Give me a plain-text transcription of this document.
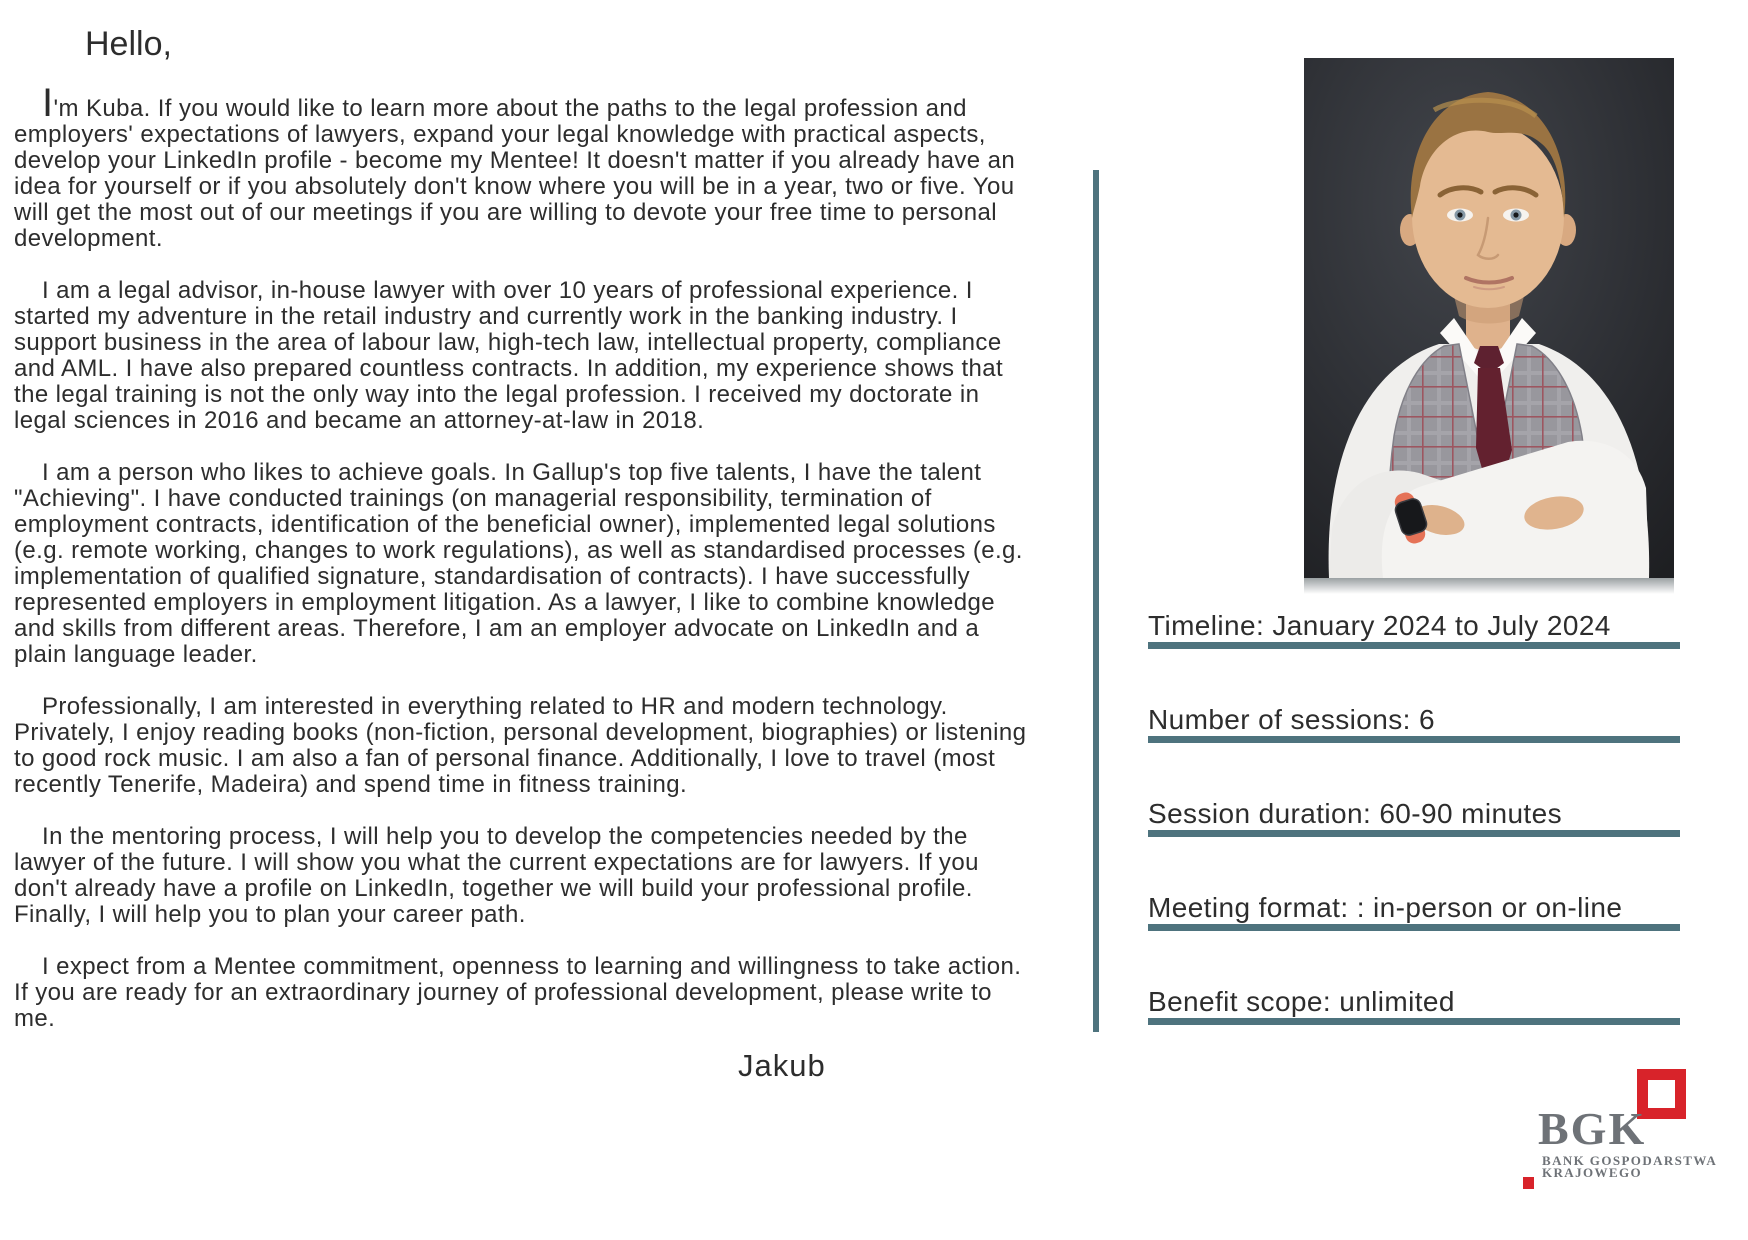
Hello,

I'm Kuba. If you would like to learn more about the paths to the legal profession and employers' expectations of lawyers, expand your legal knowledge with practical aspects, develop your LinkedIn profile - become my Mentee! It doesn't matter if you already have an idea for yourself or if you absolutely don't know where you will be in a year, two or five. You will get the most out of our meetings if you are willing to devote your free time to personal development.

I am a legal advisor, in-house lawyer with over 10 years of professional experience. I started my adventure in the retail industry and currently work in the banking industry. I support business in the area of labour law, high-tech law, intellectual property, compliance and AML. I have also prepared countless contracts. In addition, my experience shows that the legal training is not the only way into the legal profession. I received my doctorate in legal sciences in 2016 and became an attorney-at-law in 2018.

I am a person who likes to achieve goals. In Gallup's top five talents, I have the talent "Achieving". I have conducted trainings (on managerial responsibility, termination of employment contracts, identification of the beneficial owner), implemented legal solutions (e.g. remote working, changes to work regulations), as well as standardised processes (e.g. implementation of qualified signature, standardisation of contracts). I have successfully represented employers in employment litigation. As a lawyer, I like to combine knowledge and skills from different areas. Therefore, I am an employer advocate on LinkedIn and a plain language leader.

Professionally, I am interested in everything related to HR and modern technology. Privately, I enjoy reading books (non-fiction, personal development, biographies) or listening to good rock music. I am also a fan of personal finance. Additionally, I love to travel (most recently Tenerife, Madeira) and spend time in fitness training.

In the mentoring process, I will help you to develop the competencies needed by the lawyer of the future. I will show you what the current expectations are for lawyers. If you don't already have a profile on LinkedIn, together we will build your professional profile. Finally, I will help you to plan your career path.

I expect from a Mentee commitment, openness to learning and willingness to take action. If you are ready for an extraordinary journey of professional development, please write to me.

Jakub
Timeline: January 2024 to July 2024
Number of sessions: 6
Session duration: 60-90 minutes
Meeting format: : in-person or on-line
Benefit scope: unlimited
BGK
BANK GOSPODARSTWA
KRAJOWEGO
